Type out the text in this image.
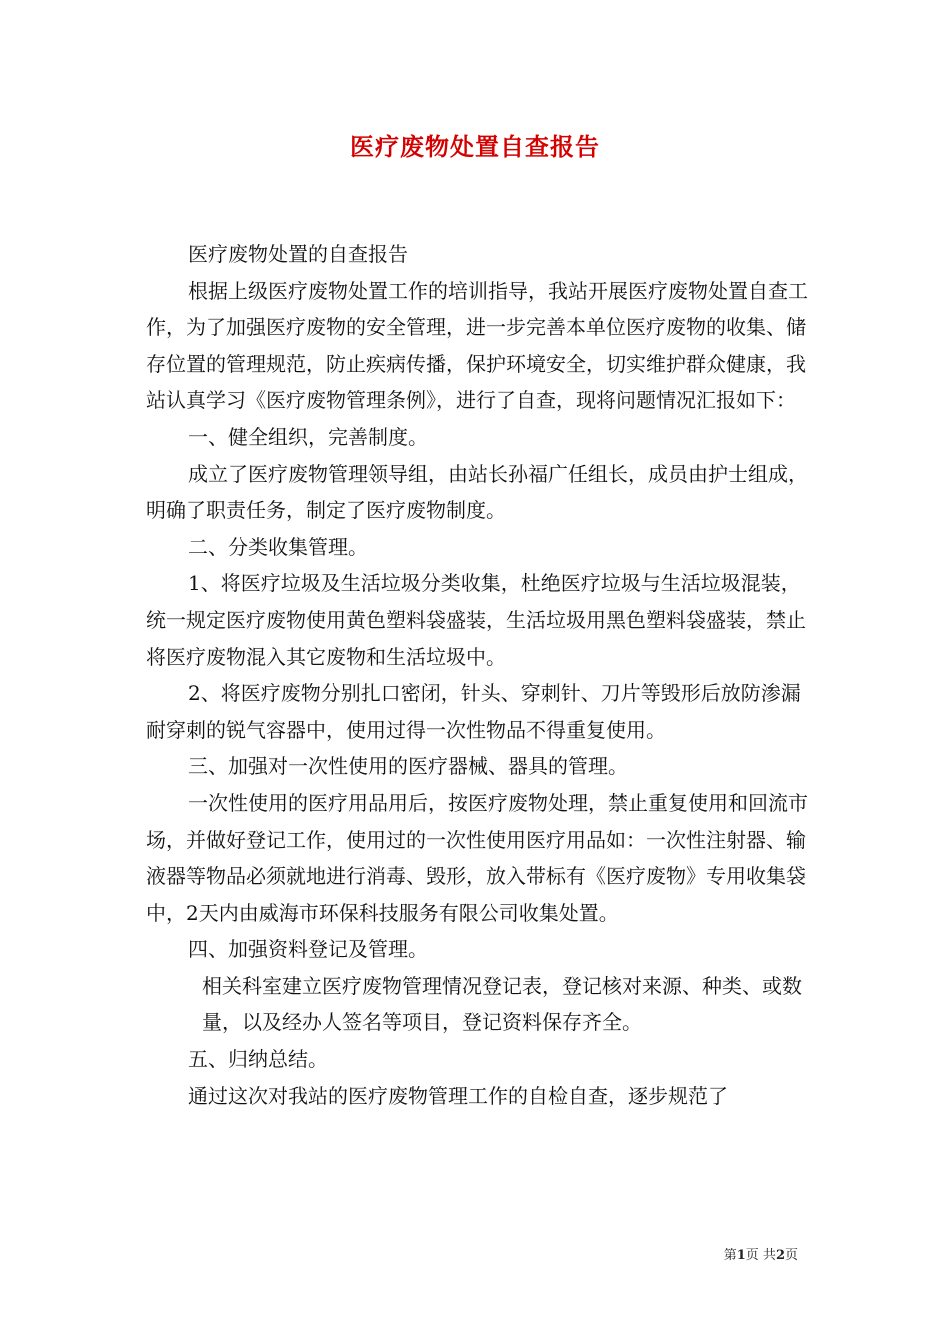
医疗废物处置自查报告

医疗废物处置的自查报告

根据上级医疗废物处置工作的培训指导，我站开展医疗废物处置自查工作，为了加强医疗废物的安全管理，进一步完善本单位医疗废物的收集、储存位置的管理规范，防止疾病传播，保护环境安全，切实维护群众健康，我站认真学习《医疗废物管理条例》，进行了自查，现将问题情况汇报如下：

一、健全组织，完善制度。

成立了医疗废物管理领导组，由站长孙福广任组长，成员由护士组成，明确了职责任务，制定了医疗废物制度。

二、分类收集管理。

1、将医疗垃圾及生活垃圾分类收集，杜绝医疗垃圾与生活垃圾混装，统一规定医疗废物使用黄色塑料袋盛装，生活垃圾用黑色塑料袋盛装，禁止将医疗废物混入其它废物和生活垃圾中。

2、将医疗废物分别扎口密闭，针头、穿刺针、刀片等毁形后放防渗漏耐穿刺的锐气容器中，使用过得一次性物品不得重复使用。

三、加强对一次性使用的医疗器械、器具的管理。

一次性使用的医疗用品用后，按医疗废物处理，禁止重复使用和回流市场，并做好登记工作，使用过的一次性使用医疗用品如：一次性注射器、输液器等物品必须就地进行消毒、毁形，放入带标有《医疗废物》专用收集袋中，2天内由威海市环保科技服务有限公司收集处置。

四、加强资料登记及管理。

相关科室建立医疗废物管理情况登记表，登记核对来源、种类、或数量，以及经办人签名等项目，登记资料保存齐全。

五、归纳总结。

通过这次对我站的医疗废物管理工作的自检自查，逐步规范了

第1页 共2页
